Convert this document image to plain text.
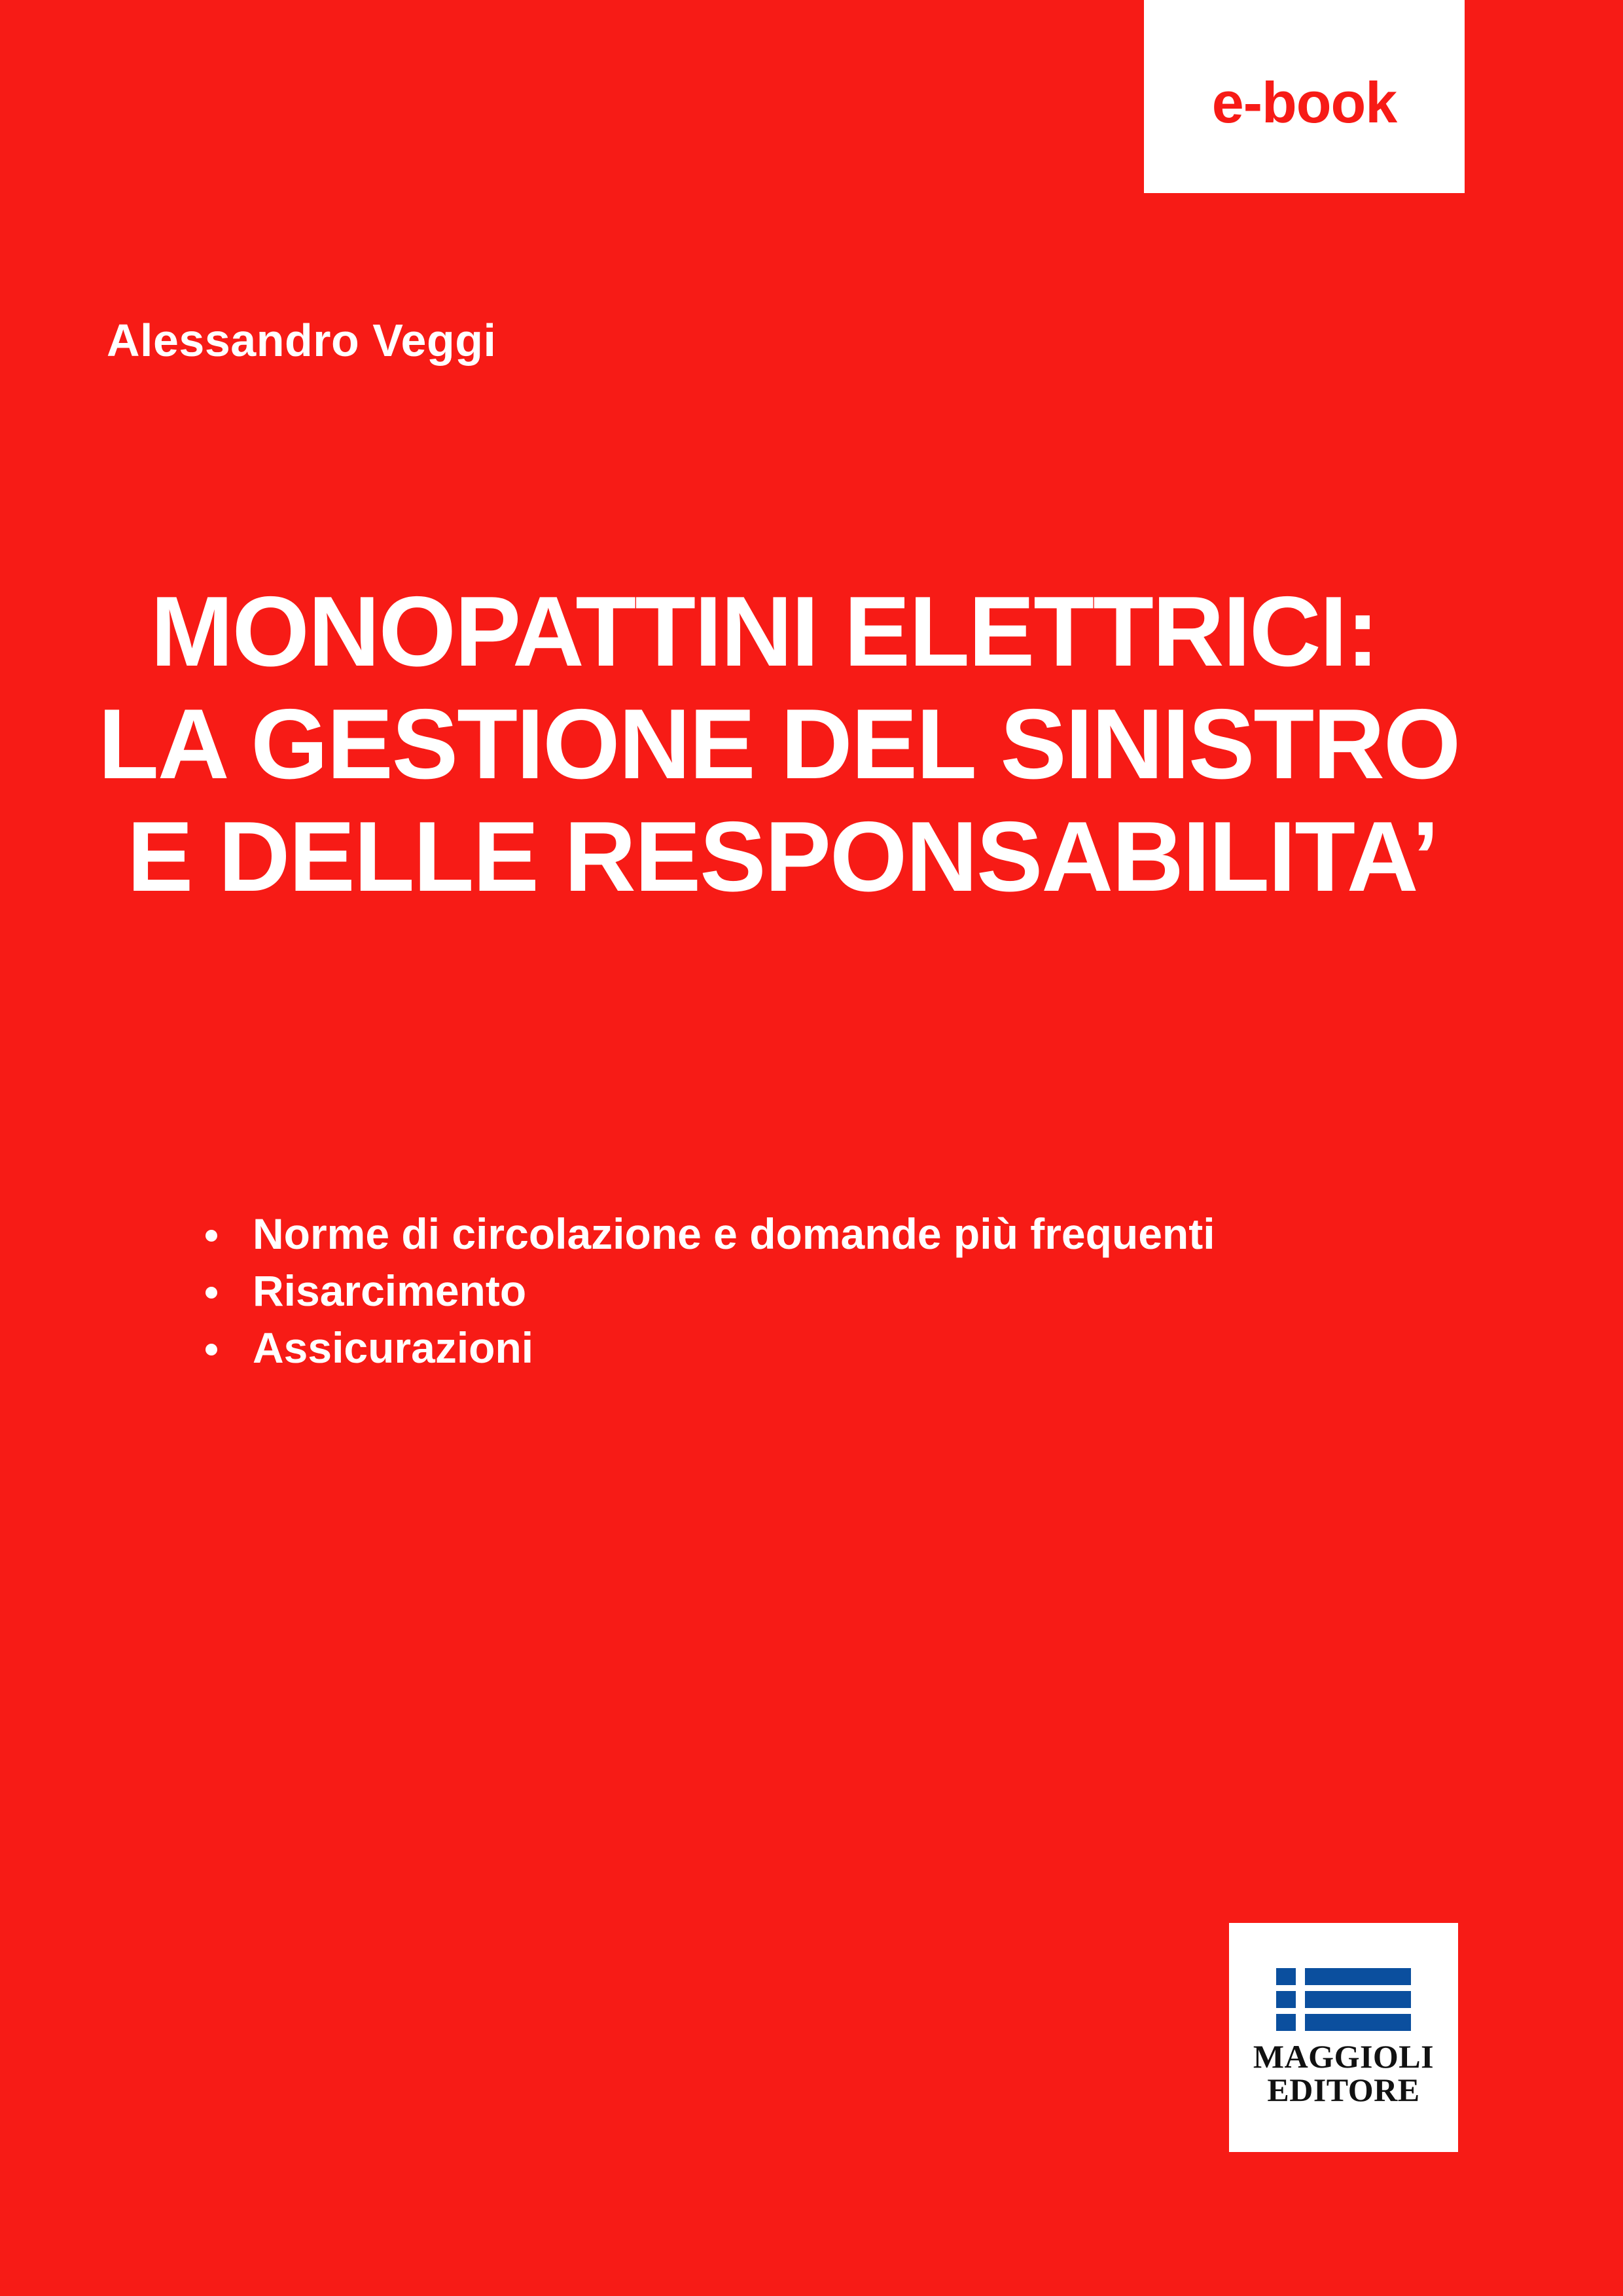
e-book
Alessandro Veggi
MONOPATTINI ELETTRICI:
LA GESTIONE DEL SINISTRO
E DELLE RESPONSABILITA’
Norme di circolazione e domande più frequenti
Risarcimento
Assicurazioni
MAGGIOLI
EDITORE
